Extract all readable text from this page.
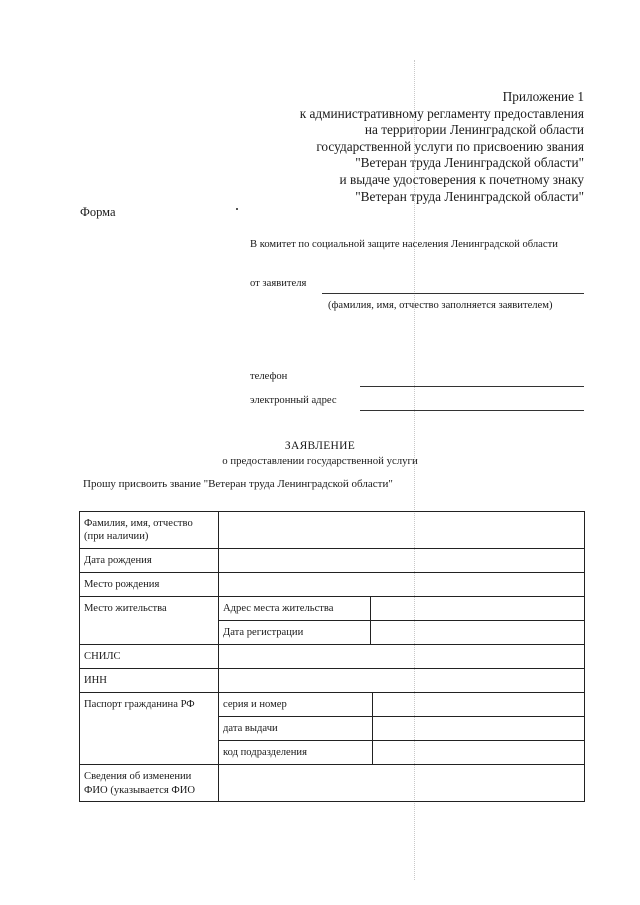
Приложение 1
к административному регламенту предоставления
на территории Ленинградской области
государственной услуги по присвоению звания
"Ветеран труда Ленинградской области"
и выдаче удостоверения к почетному знаку
"Ветеран труда Ленинградской области"
Форма
В комитет по социальной защите населения Ленинградской области
от заявителя
(фамилия, имя, отчество заполняется заявителем)
телефон
электронный адрес
ЗАЯВЛЕНИЕ
о предоставлении государственной услуги
Прошу присвоить звание "Ветеран труда Ленинградской области"
Фамилия, имя, отчество
(при наличии)
Дата рождения
Место рождения
Место жительства	Адрес места жительства
Дата регистрации
СНИЛС
ИНН
Паспорт гражданина РФ	серия и номер
дата выдачи
код подразделения
Сведения об изменении
ФИО (указывается ФИО
